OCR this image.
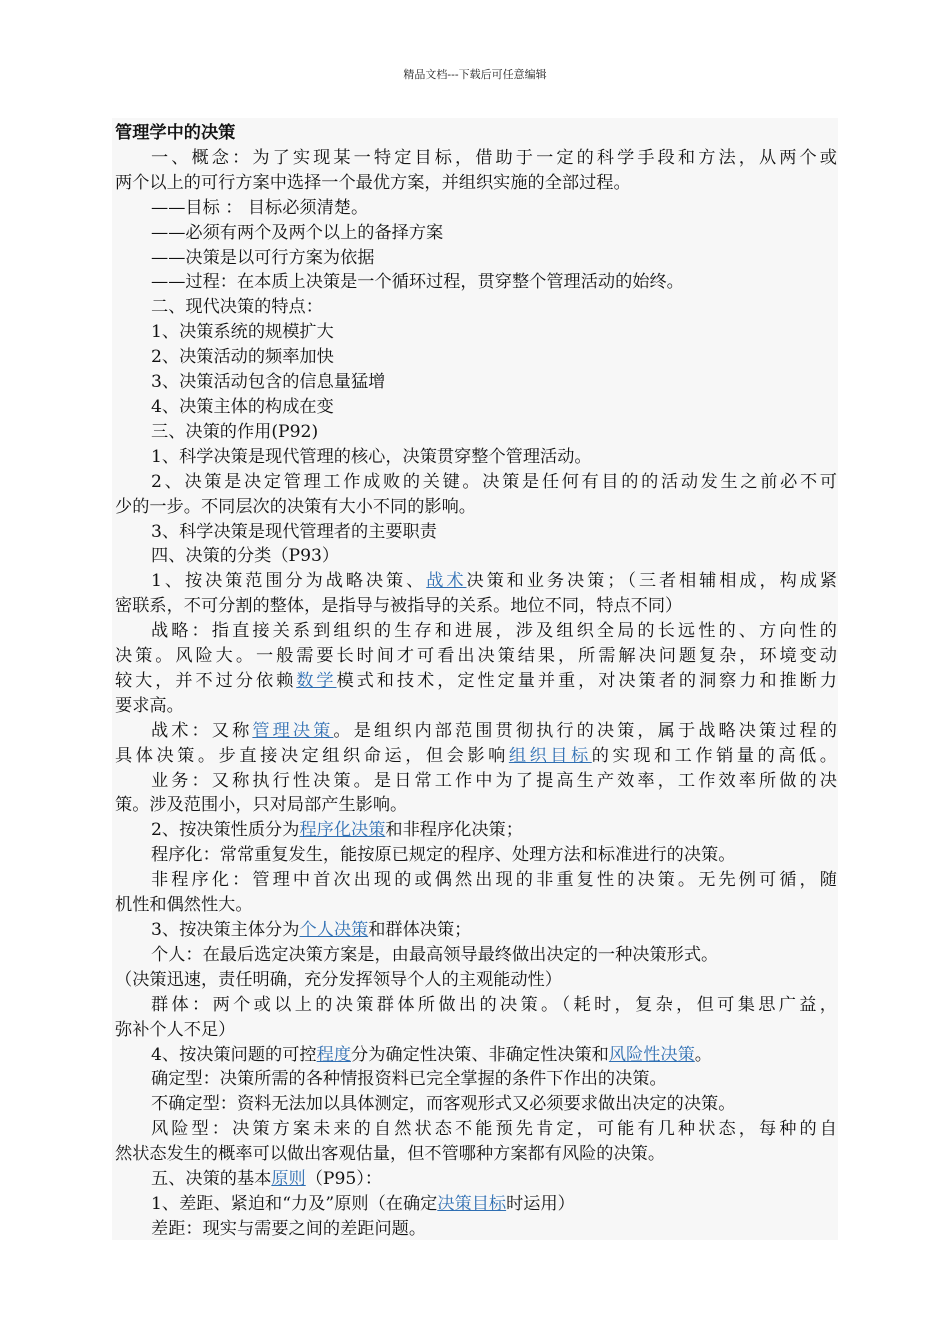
精品文档---下载后可任意编辑

管理学中的决策

一、概念：为了实现某一特定目标，借助于一定的科学手段和方法，从两个或

两个以上的可行方案中选择一个最优方案，并组织实施的全部过程。

——目标 ： 目标必须清楚。

——必须有两个及两个以上的备择方案

——决策是以可行方案为依据

——过程：在本质上决策是一个循环过程，贯穿整个管理活动的始终。

二、现代决策的特点：

1、决策系统的规模扩大

2、决策活动的频率加快

3、决策活动包含的信息量猛增

4、决策主体的构成在变

三、决策的作用(P92)

1、科学决策是现代管理的核心，决策贯穿整个管理活动。

2、决策是决定管理工作成败的关键。决策是任何有目的的活动发生之前必不可

少的一步。不同层次的决策有大小不同的影响。

3、科学决策是现代管理者的主要职责

四、决策的分类（P93）

1、按决策范围分为战略决策、战术决策和业务决策；（三者相辅相成，构成紧

密联系，不可分割的整体，是指导与被指导的关系。地位不同，特点不同）

战略：指直接关系到组织的生存和进展，涉及组织全局的长远性的、方向性的

决策。风险大。一般需要长时间才可看出决策结果，所需解决问题复杂，环境变动

较大，并不过分依赖数学模式和技术，定性定量并重，对决策者的洞察力和推断力

要求高。

战术：又称管理决策。是组织内部范围贯彻执行的决策，属于战略决策过程的

具体决策。步直接决定组织命运，但会影响组织目标的实现和工作销量的高低。

业务：又称执行性决策。是日常工作中为了提高生产效率，工作效率所做的决

策。涉及范围小，只对局部产生影响。

2、按决策性质分为程序化决策和非程序化决策；

程序化：常常重复发生，能按原已规定的程序、处理方法和标准进行的决策。

非程序化：管理中首次出现的或偶然出现的非重复性的决策。无先例可循，随

机性和偶然性大。

3、按决策主体分为个人决策和群体决策；

个人：在最后选定决策方案是，由最高领导最终做出决定的一种决策形式。

（决策迅速，责任明确，充分发挥领导个人的主观能动性）

群体：两个或以上的决策群体所做出的决策。（耗时，复杂，但可集思广益，

弥补个人不足）

4、按决策问题的可控程度分为确定性决策、非确定性决策和风险性决策。

确定型：决策所需的各种情报资料已完全掌握的条件下作出的决策。

不确定型：资料无法加以具体测定，而客观形式又必须要求做出决定的决策。

风险型：决策方案未来的自然状态不能预先肯定，可能有几种状态，每种的自

然状态发生的概率可以做出客观估量，但不管哪种方案都有风险的决策。

五、决策的基本原则（P95）：

1、差距、紧迫和“力及”原则（在确定决策目标时运用）

差距：现实与需要之间的差距问题。
